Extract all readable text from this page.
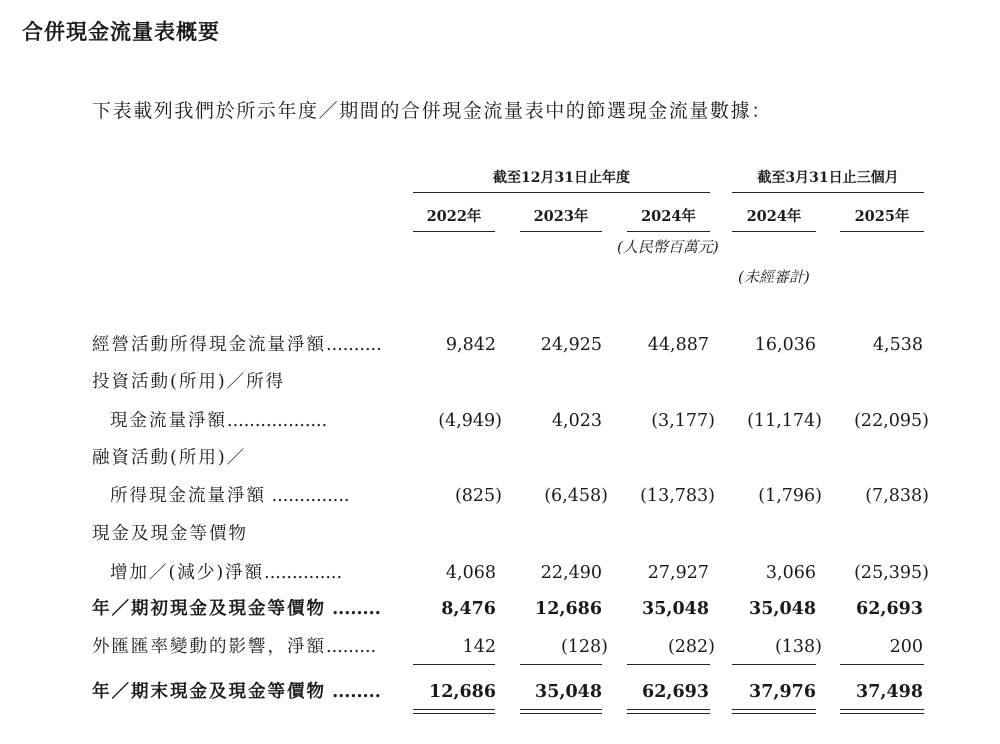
合併現金流量表概要

下表載列我們於所示年度／期間的合併現金流量表中的節選現金流量數據：

截至12月31日止年度	截至3月31日止三個月
2022年	2023年	2024年	2024年	2025年
(人民幣百萬元)
(未經審計)
經營活動所得現金流量淨額..........	9,842	24,925	44,887	16,036	4,538
投資活動(所用)／所得
現金流量淨額..................	(4,949)	4,023	(3,177)	(11,174)	(22,095)
融資活動(所用)／
所得現金流量淨額 ..............	(825)	(6,458)	(13,783)	(1,796)	(7,838)
現金及現金等價物
增加／(減少)淨額..............	4,068	22,490	27,927	3,066	(25,395)
年／期初現金及現金等價物 ........	8,476	12,686	35,048	35,048	62,693
外匯匯率變動的影響，淨額.........	142	(128)	(282)	(138)	200
年／期末現金及現金等價物 ........	12,686	35,048	62,693	37,976	37,498
